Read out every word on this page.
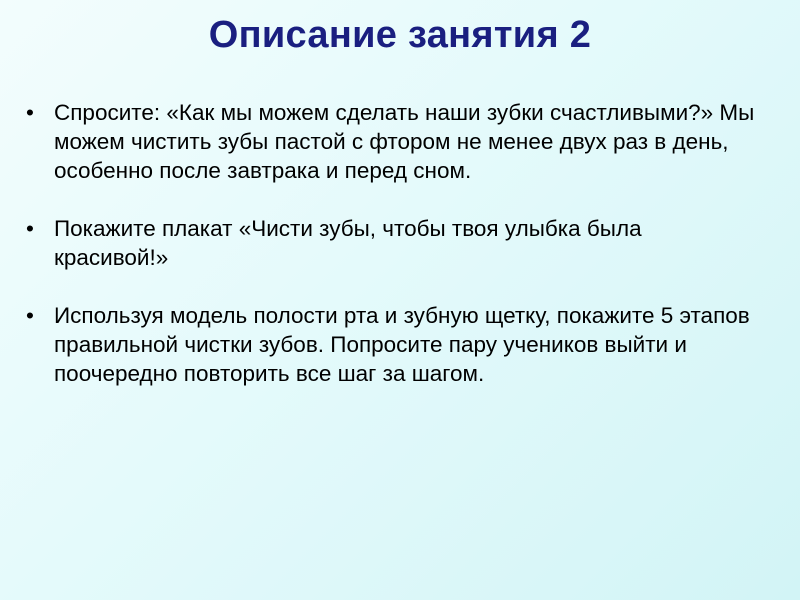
Описание занятия 2
• Спросите: «Как мы можем сделать наши зубки счастливыми?» Мы можем чистить зубы пастой с фтором не менее двух раз в день, особенно после завтрака и перед сном.
• Покажите плакат «Чисти зубы, чтобы твоя улыбка была красивой!»
• Используя модель полости рта и зубную щетку, покажите 5 этапов правильной чистки зубов. Попросите пару учеников выйти и поочередно повторить все шаг за шагом.
